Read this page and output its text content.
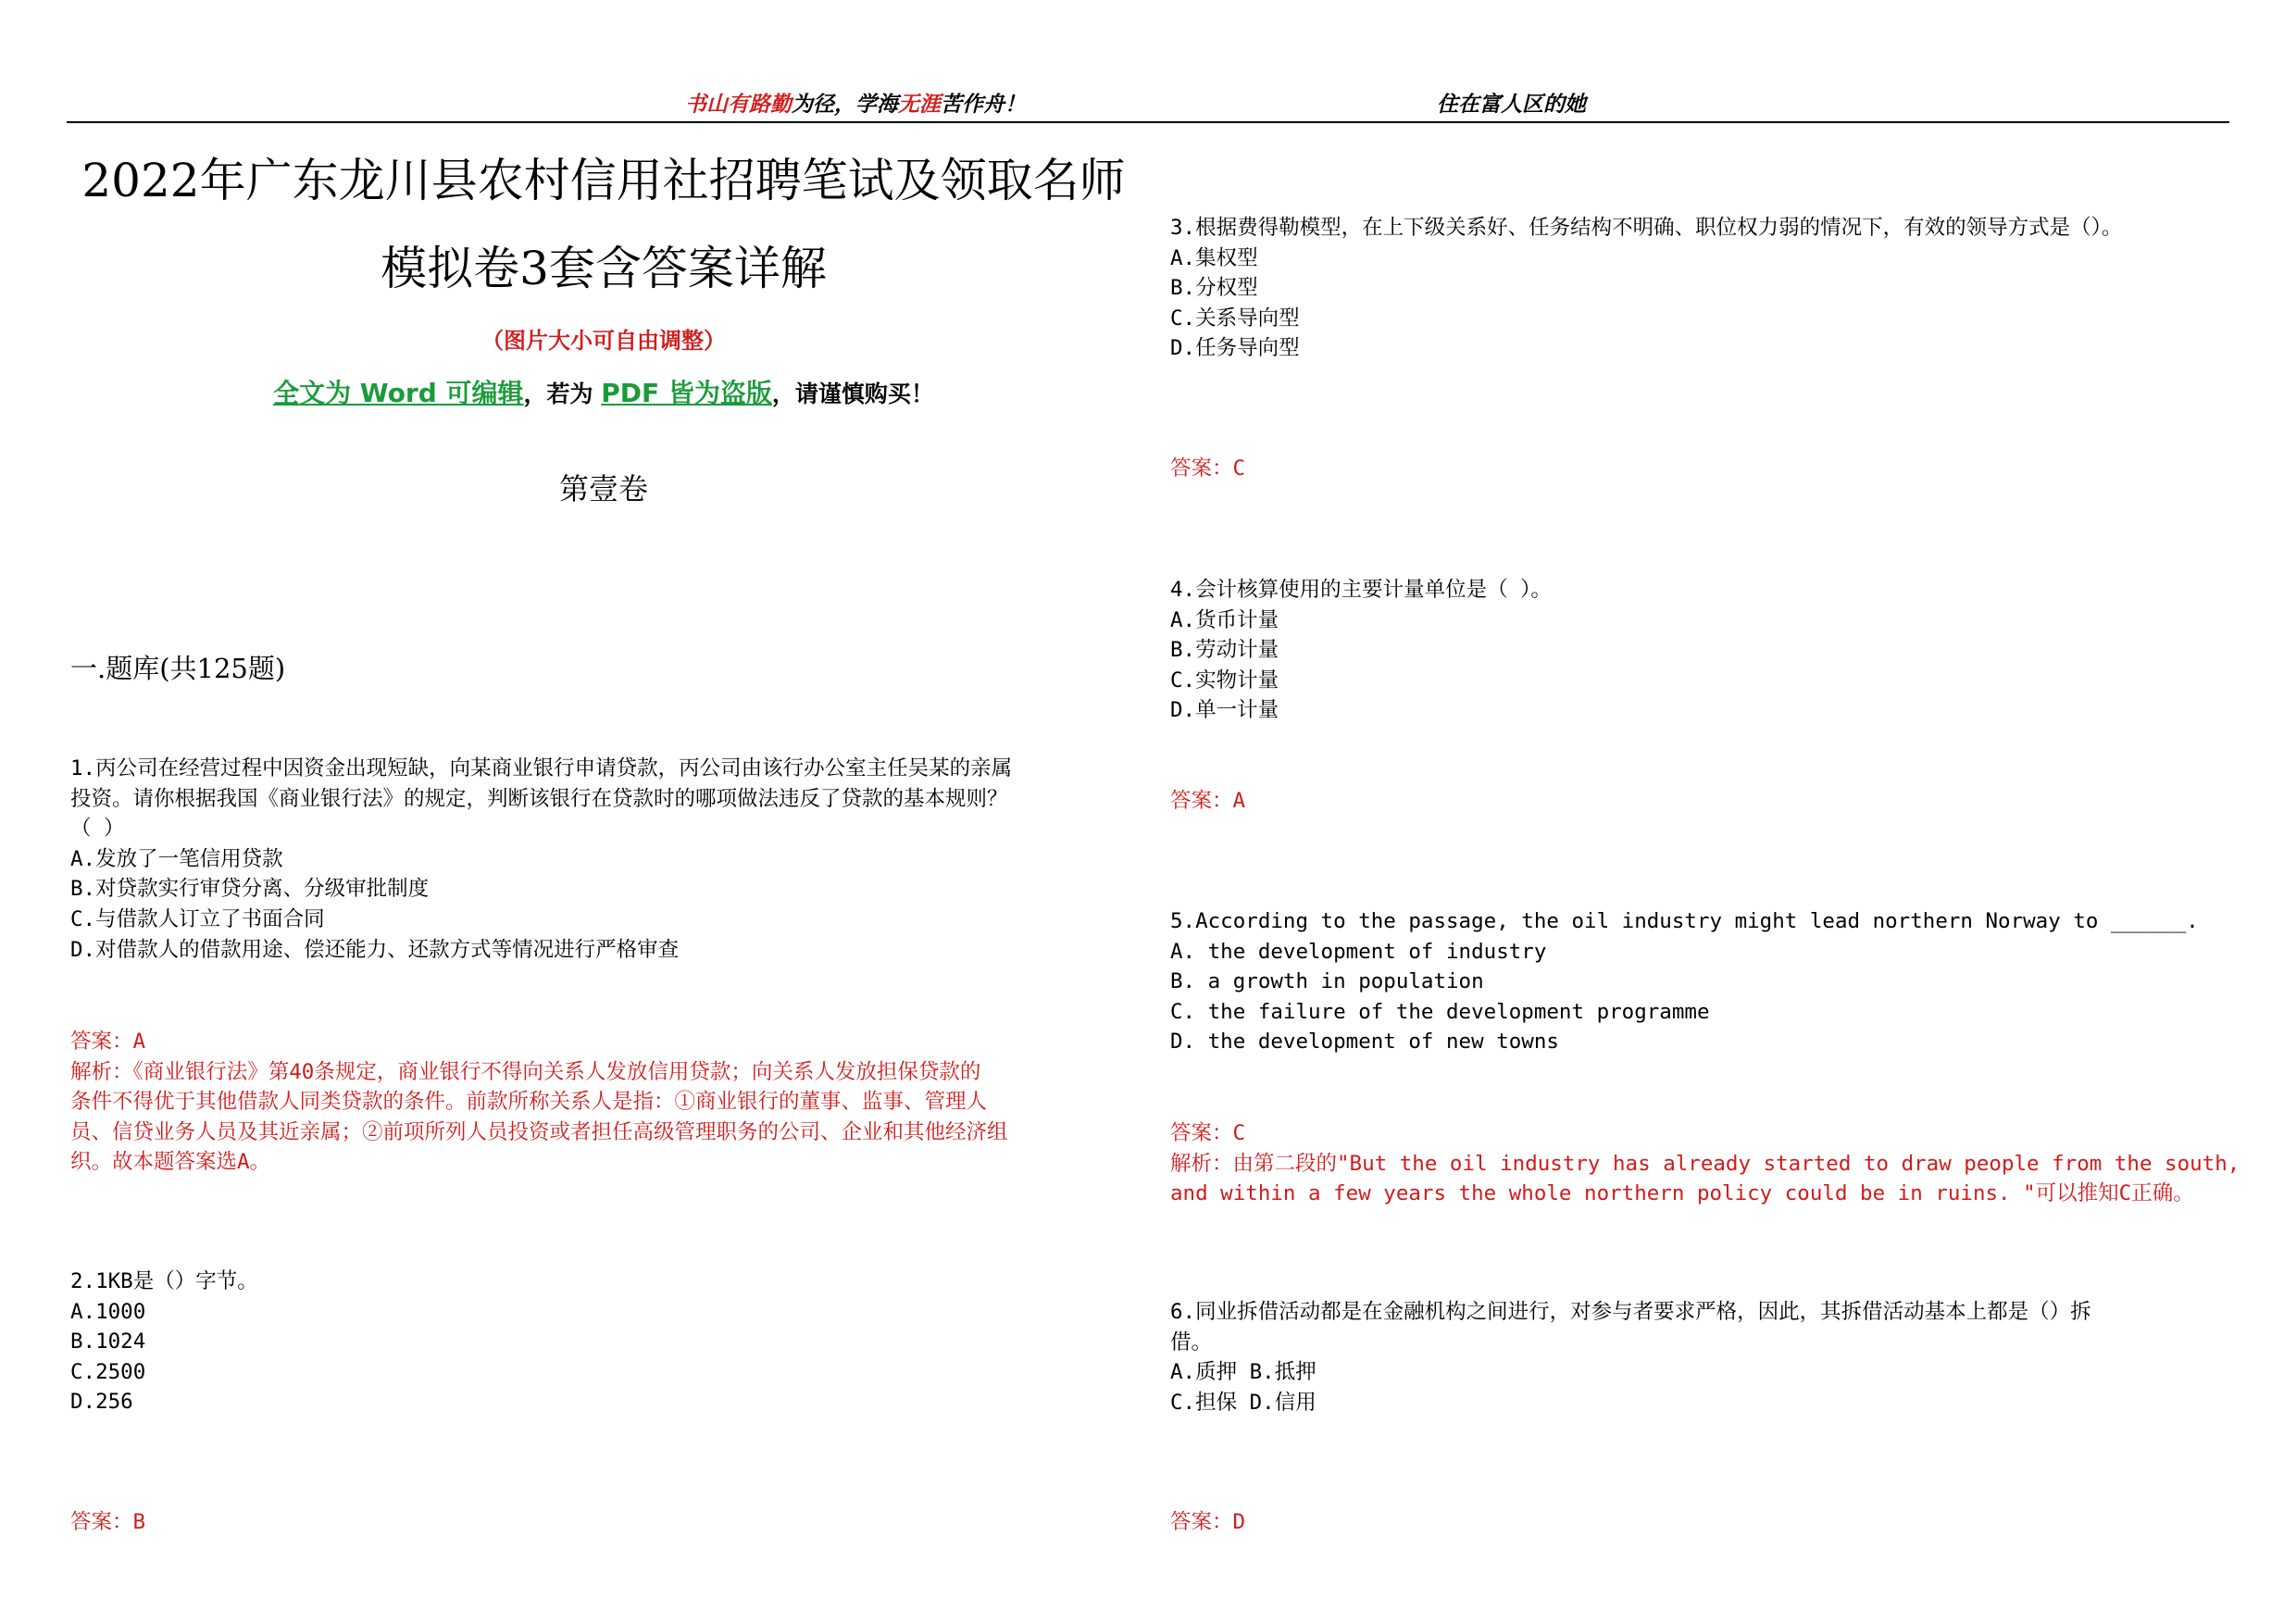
书山有路勤为径，学海无涯苦作舟！	住在富人区的她
2022年广东龙川县农村信用社招聘笔试及领取名师
模拟卷3套含答案详解
（图片大小可自由调整）
全文为 Word 可编辑，若为 PDF 皆为盗版，请谨慎购买！
第壹卷
一.题库(共125题)
1.丙公司在经营过程中因资金出现短缺，向某商业银行申请贷款，丙公司由该行办公室主任吴某的亲属
投资。请你根据我国《商业银行法》的规定，判断该银行在贷款时的哪项做法违反了贷款的基本规则？
（ ）
A.发放了一笔信用贷款
B.对贷款实行审贷分离、分级审批制度
C.与借款人订立了书面合同
D.对借款人的借款用途、偿还能力、还款方式等情况进行严格审查
答案：A
解析：《商业银行法》第40条规定，商业银行不得向关系人发放信用贷款；向关系人发放担保贷款的
条件不得优于其他借款人同类贷款的条件。前款所称关系人是指：①商业银行的董事、监事、管理人
员、信贷业务人员及其近亲属；②前项所列人员投资或者担任高级管理职务的公司、企业和其他经济组
织。故本题答案选A。
2.1KB是（）字节。
A.1000
B.1024
C.2500
D.256
答案：B
3.根据费得勒模型，在上下级关系好、任务结构不明确、职位权力弱的情况下，有效的领导方式是（）。
A.集权型
B.分权型
C.关系导向型
D.任务导向型
答案：C
4.会计核算使用的主要计量单位是（ ）。
A.货币计量
B.劳动计量
C.实物计量
D.单一计量
答案：A
5.According to the passage, the oil industry might lead northern Norway to ______.
A. the development of industry
B. a growth in population
C. the failure of the development programme
D. the development of new towns
答案：C
解析：由第二段的"But the oil industry has already started to draw people from the south,
and within a few years the whole northern policy could be in ruins. "可以推知C正确。
6.同业拆借活动都是在金融机构之间进行，对参与者要求严格，因此，其拆借活动基本上都是（）拆
借。
A.质押 B.抵押
C.担保 D.信用
答案：D
